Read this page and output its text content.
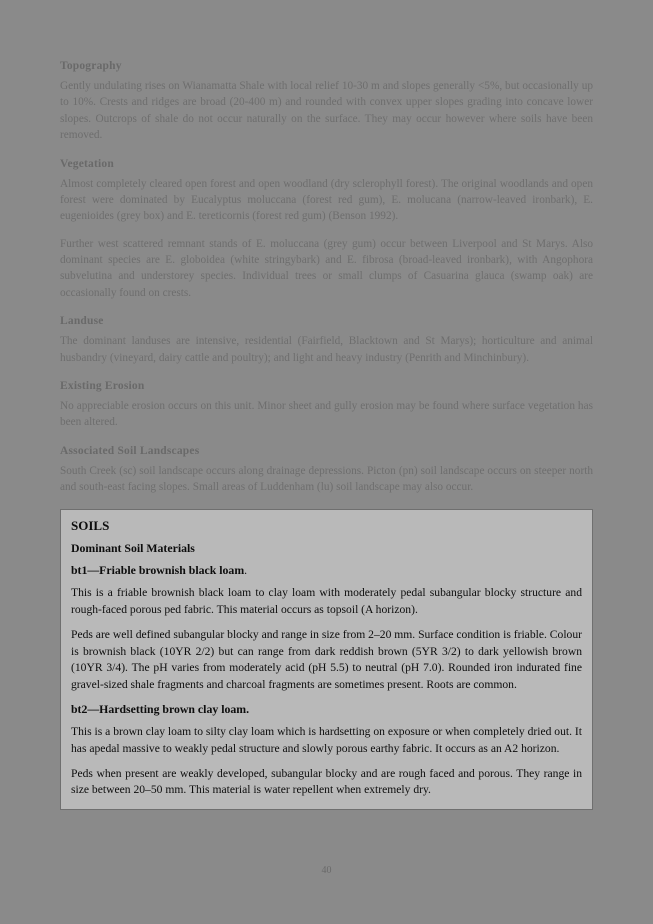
Topography

Gently undulating rises on Wianamatta Shale with local relief 10-30 m and slopes generally <5%, but occasionally up to 10%. Crests and ridges are broad (20-400 m) and rounded with convex upper slopes grading into concave lower slopes. Outcrops of shale do not occur naturally on the surface. They may occur however where soils have been removed.

Vegetation

Almost completely cleared open forest and open woodland (dry sclerophyll forest). The original woodlands and open forest were dominated by Eucalyptus moluccana (forest red gum), E. molucana (narrow-leaved ironbark), E. eugenioides (grey box) and E. tereticornis (forest red gum) (Benson 1992).

Further west scattered remnant stands of E. moluccana (grey gum) occur between Liverpool and St Marys. Also dominant species are E. globoidea (white stringybark) and E. fibrosa (broad-leaved ironbark), with Angophora subvelutina and understorey species. Individual trees or small clumps of Casuarina glauca (swamp oak) are occasionally found on crests.

Landuse

The dominant landuses are intensive, residential (Fairfield, Blacktown and St Marys); horticulture and animal husbandry (vineyard, dairy cattle and poultry); and light and heavy industry (Penrith and Minchinbury).

Existing Erosion

No appreciable erosion occurs on this unit. Minor sheet and gully erosion may be found where surface vegetation has been altered.

Associated Soil Landscapes

South Creek (sc) soil landscape occurs along drainage depressions. Picton (pn) soil landscape occurs on steeper north and south-east facing slopes. Small areas of Luddenham (lu) soil landscape may also occur.

SOILS
Dominant Soil Materials
bt1—Friable brownish black loam.

This is a friable brownish black loam to clay loam with moderately pedal subangular blocky structure and rough-faced porous ped fabric. This material occurs as topsoil (A horizon).

Peds are well defined subangular blocky and range in size from 2–20 mm. Surface condition is friable. Colour is brownish black (10YR 2/2) but can range from dark reddish brown (5YR 3/2) to dark yellowish brown (10YR 3/4). The pH varies from moderately acid (pH 5.5) to neutral (pH 7.0). Rounded iron indurated fine gravel-sized shale fragments and charcoal fragments are sometimes present. Roots are common.

bt2—Hardsetting brown clay loam.

This is a brown clay loam to silty clay loam which is hardsetting on exposure or when completely dried out. It has apedal massive to weakly pedal structure and slowly porous earthy fabric. It occurs as an A2 horizon.

Peds when present are weakly developed, subangular blocky and are rough faced and porous. They range in size between 20–50 mm. This material is water repellent when extremely dry.

40
